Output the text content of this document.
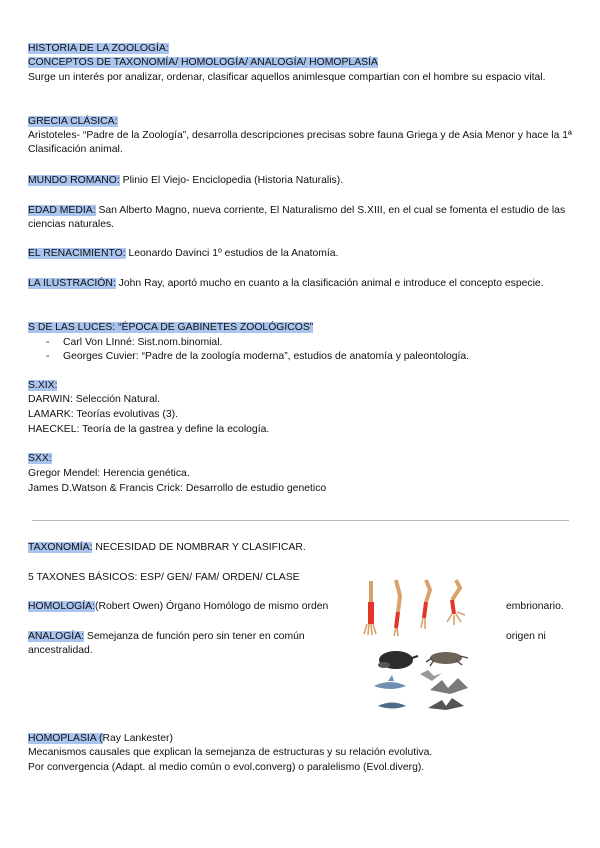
HISTORIA DE LA ZOOLOGÍA:
CONCEPTOS DE TAXONOMÍA/ HOMOLOGÍA/ ANALOGÍA/ HOMOPLASÍA
Surge un interés por analizar, ordenar, clasificar aquellos animlesque compartian con el hombre su espacio vital.
GRECIA CLÁSICA:
Aristoteles- “Padre de la Zoología”, desarrolla descripciones precisas sobre fauna Griega y de Asia Menor y hace la 1ª Clasificación animal.
MUNDO ROMANO: Plinio El Viejo- Enciclopedia (Historia Naturalis).
EDAD MEDIA: San Alberto Magno, nueva corriente, El Naturalismo del S.XIII, en el cual se fomenta el estudio de las ciencias naturales.
EL RENACIMIENTO: Leonardo Davinci 1º estudios de la Anatomía.
LA ILUSTRACIÓN: John Ray, aportó mucho en cuanto a la clasificación animal e introduce el concepto especie.
S DE LAS LUCES: “ÉPOCA DE GABINETES ZOOLÓGICOS”
- Carl Von LInné: Sist.nom.binomial.
- Georges Cuvier: “Padre de la zoología moderna”, estudios de anatomía y paleontología.
S.XIX:
DARWIN: Selección Natural.
LAMARK: Teorías evolutivas (3).
HAECKEL: Teoría de la gastrea y define la ecología.
SXX:
Gregor Mendel: Herencia genética.
James D.Watson & Francis Crick: Desarrollo de estudio genetico
TAXONOMÍA: NECESIDAD DE NOMBRAR Y CLASIFICAR.
5 TAXONES BÁSICOS: ESP/ GEN/ FAM/ ORDEN/ CLASE
HOMOLOGÍA:(Robert Owen) Órgano Homólogo de mismo orden	embrionario.
ANALOGÍA: Semejanza de función pero sin tener en común	origen ni
ancestralidad.
HOMOPLASIA (Ray Lankester)
Mecanismos causales que explican la semejanza de estructuras y su relación evolutiva.
Por convergencia (Adapt. al medio común o evol.converg) o paralelismo (Evol.diverg).
